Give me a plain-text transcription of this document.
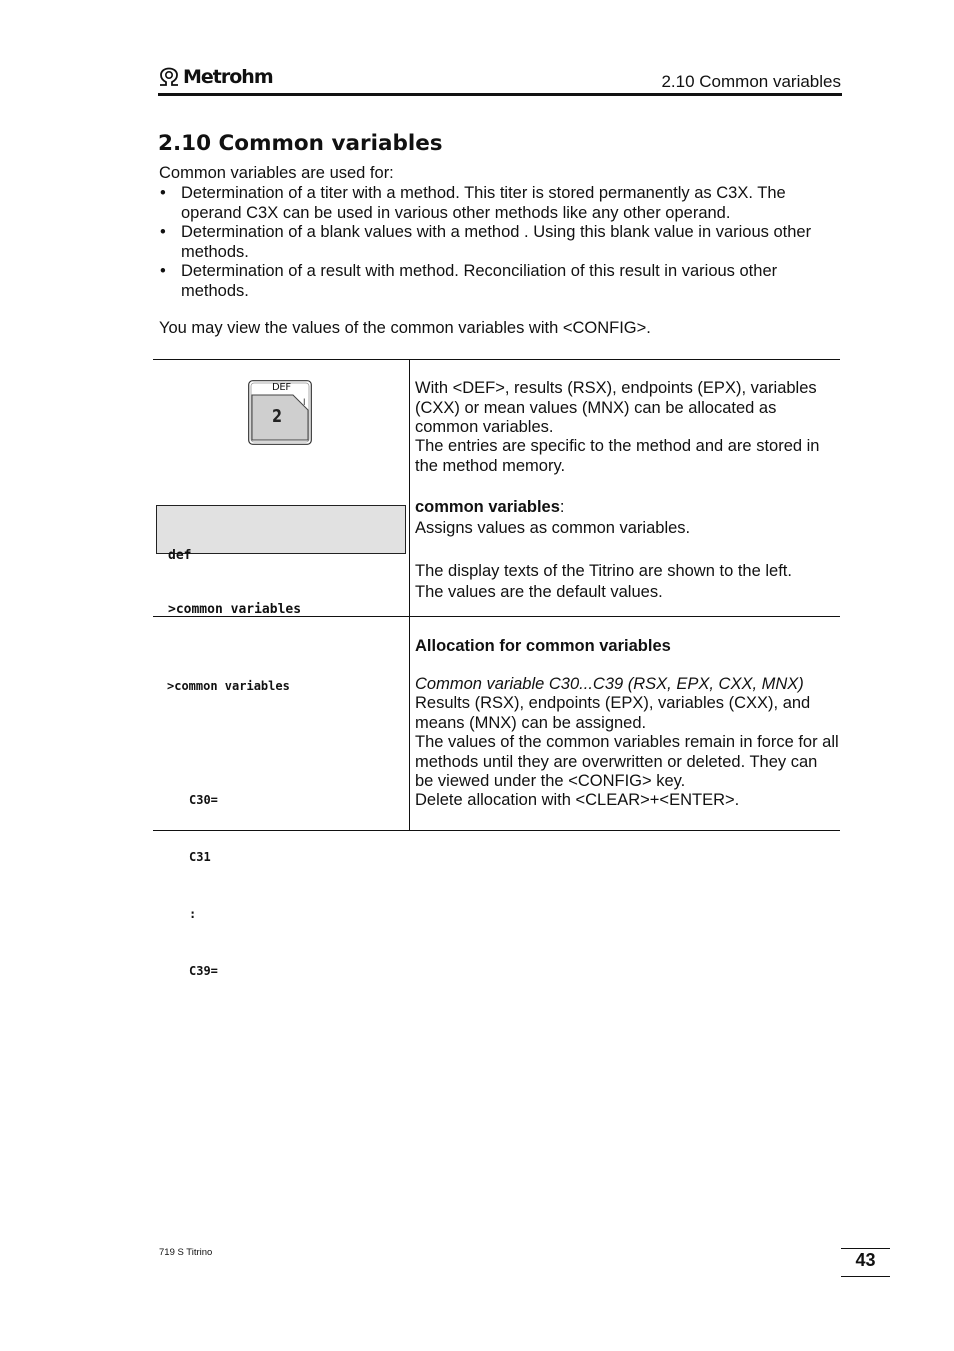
Metrohm	2.10 Common variables
2.10 Common variables
Common variables are used for:
• Determination of a titer with a method. This titer is stored permanently as C3X. The operand C3X can be used in various other methods like any other operand.
• Determination of a blank values with a method . Using this blank value in various other methods.
• Determination of a result with method. Reconciliation of this result in various other methods.
You may view the values of the common variables with <CONFIG>.
DEF
2
I

def

>common variables

With <DEF>, results (RSX), endpoints (EPX), variables (CXX) or mean values (MNX) can be allocated as common variables.
The entries are specific to the method and are stored in the method memory.
common variables:
Assigns values as common variables.
The display texts of the Titrino are shown to the left.
The values are the default values.

>common variables

C30=

C31

:

C39=

Allocation for common variables
Common variable C30...C39 (RSX, EPX, CXX, MNX)
Results (RSX), endpoints (EPX), variables (CXX), and means (MNX) can be assigned.
The values of the common variables remain in force for all methods until they are overwritten or deleted. They can be viewed under the <CONFIG> key.
Delete allocation with <CLEAR>+<ENTER>.
719 S Titrino	43
